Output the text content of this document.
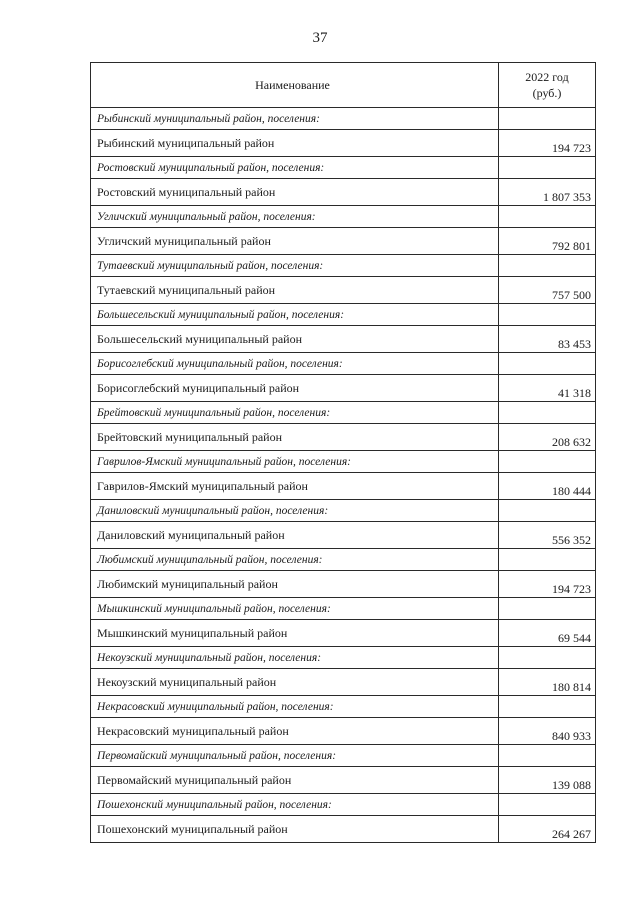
37
Наименование	2022 год
(руб.)

Рыбинский муниципальный район, поселения:	
Рыбинский муниципальный район	194 723
Ростовский муниципальный район, поселения:	
Ростовский муниципальный район	1 807 353
Угличский муниципальный район, поселения:	
Угличский муниципальный район	792 801
Тутаевский муниципальный район, поселения:	
Тутаевский муниципальный район	757 500
Большесельский муниципальный район, поселения:	
Большесельский муниципальный район	83 453
Борисоглебский муниципальный район, поселения:	
Борисоглебский муниципальный район	41 318
Брейтовский муниципальный район, поселения:	
Брейтовский муниципальный район	208 632
Гаврилов-Ямский муниципальный район, поселения:	
Гаврилов-Ямский муниципальный район	180 444
Даниловский муниципальный район, поселения:	
Даниловский муниципальный район	556 352
Любимский муниципальный район, поселения:	
Любимский муниципальный район	194 723
Мышкинский муниципальный район, поселения:	
Мышкинский муниципальный район	69 544
Некоузский муниципальный район, поселения:	
Некоузский муниципальный район	180 814
Некрасовский муниципальный район, поселения:	
Некрасовский муниципальный район	840 933
Первомайский муниципальный район, поселения:	
Первомайский муниципальный район	139 088
Пошехонский муниципальный район, поселения:	
Пошехонский муниципальный район	264 267
